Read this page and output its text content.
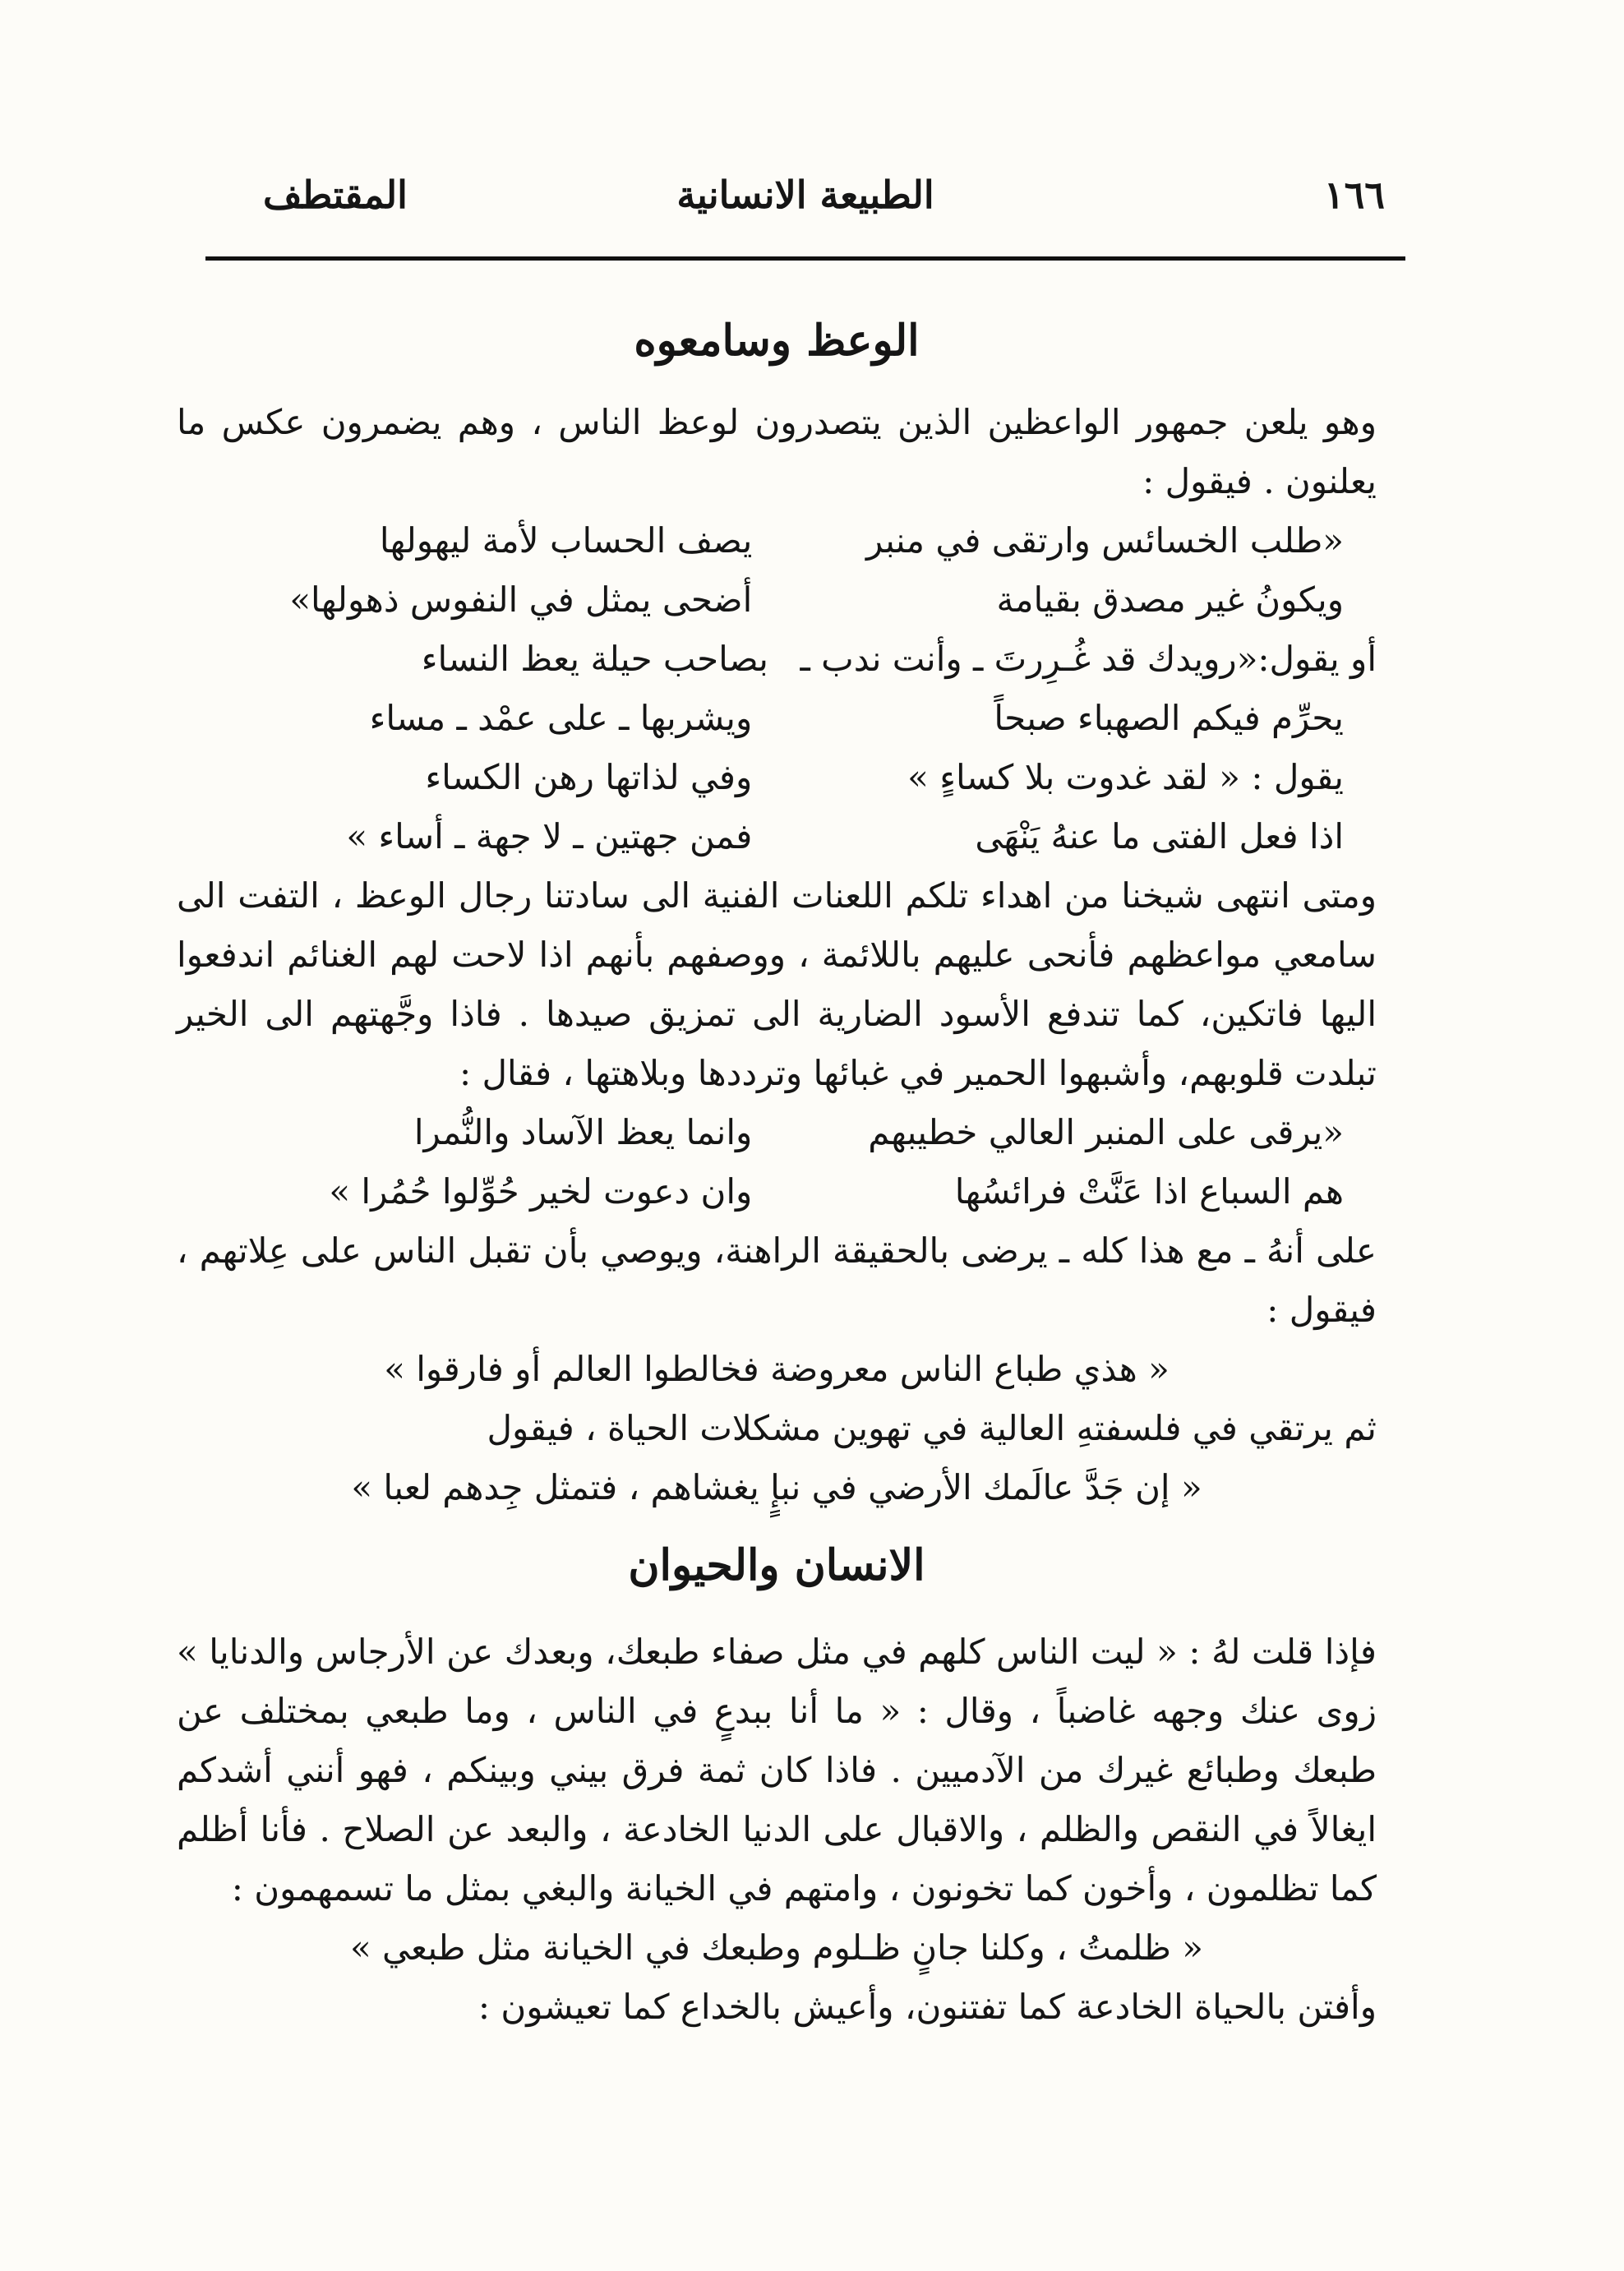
١٦٦
الطبيعة الانسانية
المقتطف
الوعظ وسامعوه

وهو يلعن جمهور الواعظين الذين يتصدرون لوعظ الناس ، وهم يضمرون عكس ما يعلنون . فيقول :

«طلب الخسائس وارتقى في منبر
يصف الحساب لأمة ليهولها
ويكونُ غير مصدق بقيامة
أضحى يمثل في النفوس ذهولها»
أو يقول:«رويدك قد غُـرِرتَ ـ وأنت ندب ـ
بصاحب حيلة يعظ النساء
يحرِّم فيكم الصهباء صبحاً
ويشربها ـ على عمْد ـ مساء
يقول : « لقد غدوت بلا كساءٍ »
وفي لذاتها رهن الكساء
اذا فعل الفتى ما عنهُ يَنْهَى
فمن جهتين ـ لا جهة ـ أساء »

ومتى انتهى شيخنا من اهداء تلكم اللعنات الفنية الى سادتنا رجال الوعظ ، التفت الى سامعي مواعظهم فأنحى عليهم باللائمة ، ووصفهم بأنهم اذا لاحت لهم الغنائم اندفعوا اليها فاتكين، كما تندفع الأسود الضارية الى تمزيق صيدها . فاذا وجَّهتهم الى الخير تبلدت قلوبهم، وأشبهوا الحمير في غبائها وترددها وبلاهتها ، فقال :

«يرقى على المنبر العالي خطيبهم
وانما يعظ الآساد والنُّمرا
هم السباع اذا عَنَّتْ فرائسُها
وان دعوت لخير حُوِّلوا حُمُرا »

على أنهُ ـ مع هذا كله ـ يرضى بالحقيقة الراهنة، ويوصي بأن تقبل الناس على عِلاتهم ، فيقول :

« هذي طباع الناس معروضة فخالطوا العالم أو فارقوا »

ثم يرتقي في فلسفتهِ العالية في تهوين مشكلات الحياة ، فيقول

« إن جَدَّ عالَمك الأرضي في نبإٍ يغشاهم ، فتمثل جِدهم لعبا »
الانسان والحيوان

فإذا قلت لهُ : « ليت الناس كلهم في مثل صفاء طبعك، وبعدك عن الأرجاس والدنايا » زوى عنك وجهه غاضباً ، وقال : « ما أنا ببدعٍ في الناس ، وما طبعي بمختلف عن طبعك وطبائع غيرك من الآدميين . فاذا كان ثمة فرق بيني وبينكم ، فهو أنني أشدكم ايغالاً في النقص والظلم ، والاقبال على الدنيا الخادعة ، والبعد عن الصلاح . فأنا أظلم كما تظلمون ، وأخون كما تخونون ، وامتهم في الخيانة والبغي بمثل ما تسمهمون :

« ظلمتُ ، وكلنا جانٍ ظـلوم وطبعك في الخيانة مثل طبعي »

وأفتن بالحياة الخادعة كما تفتنون، وأعيش بالخداع كما تعيشون :
